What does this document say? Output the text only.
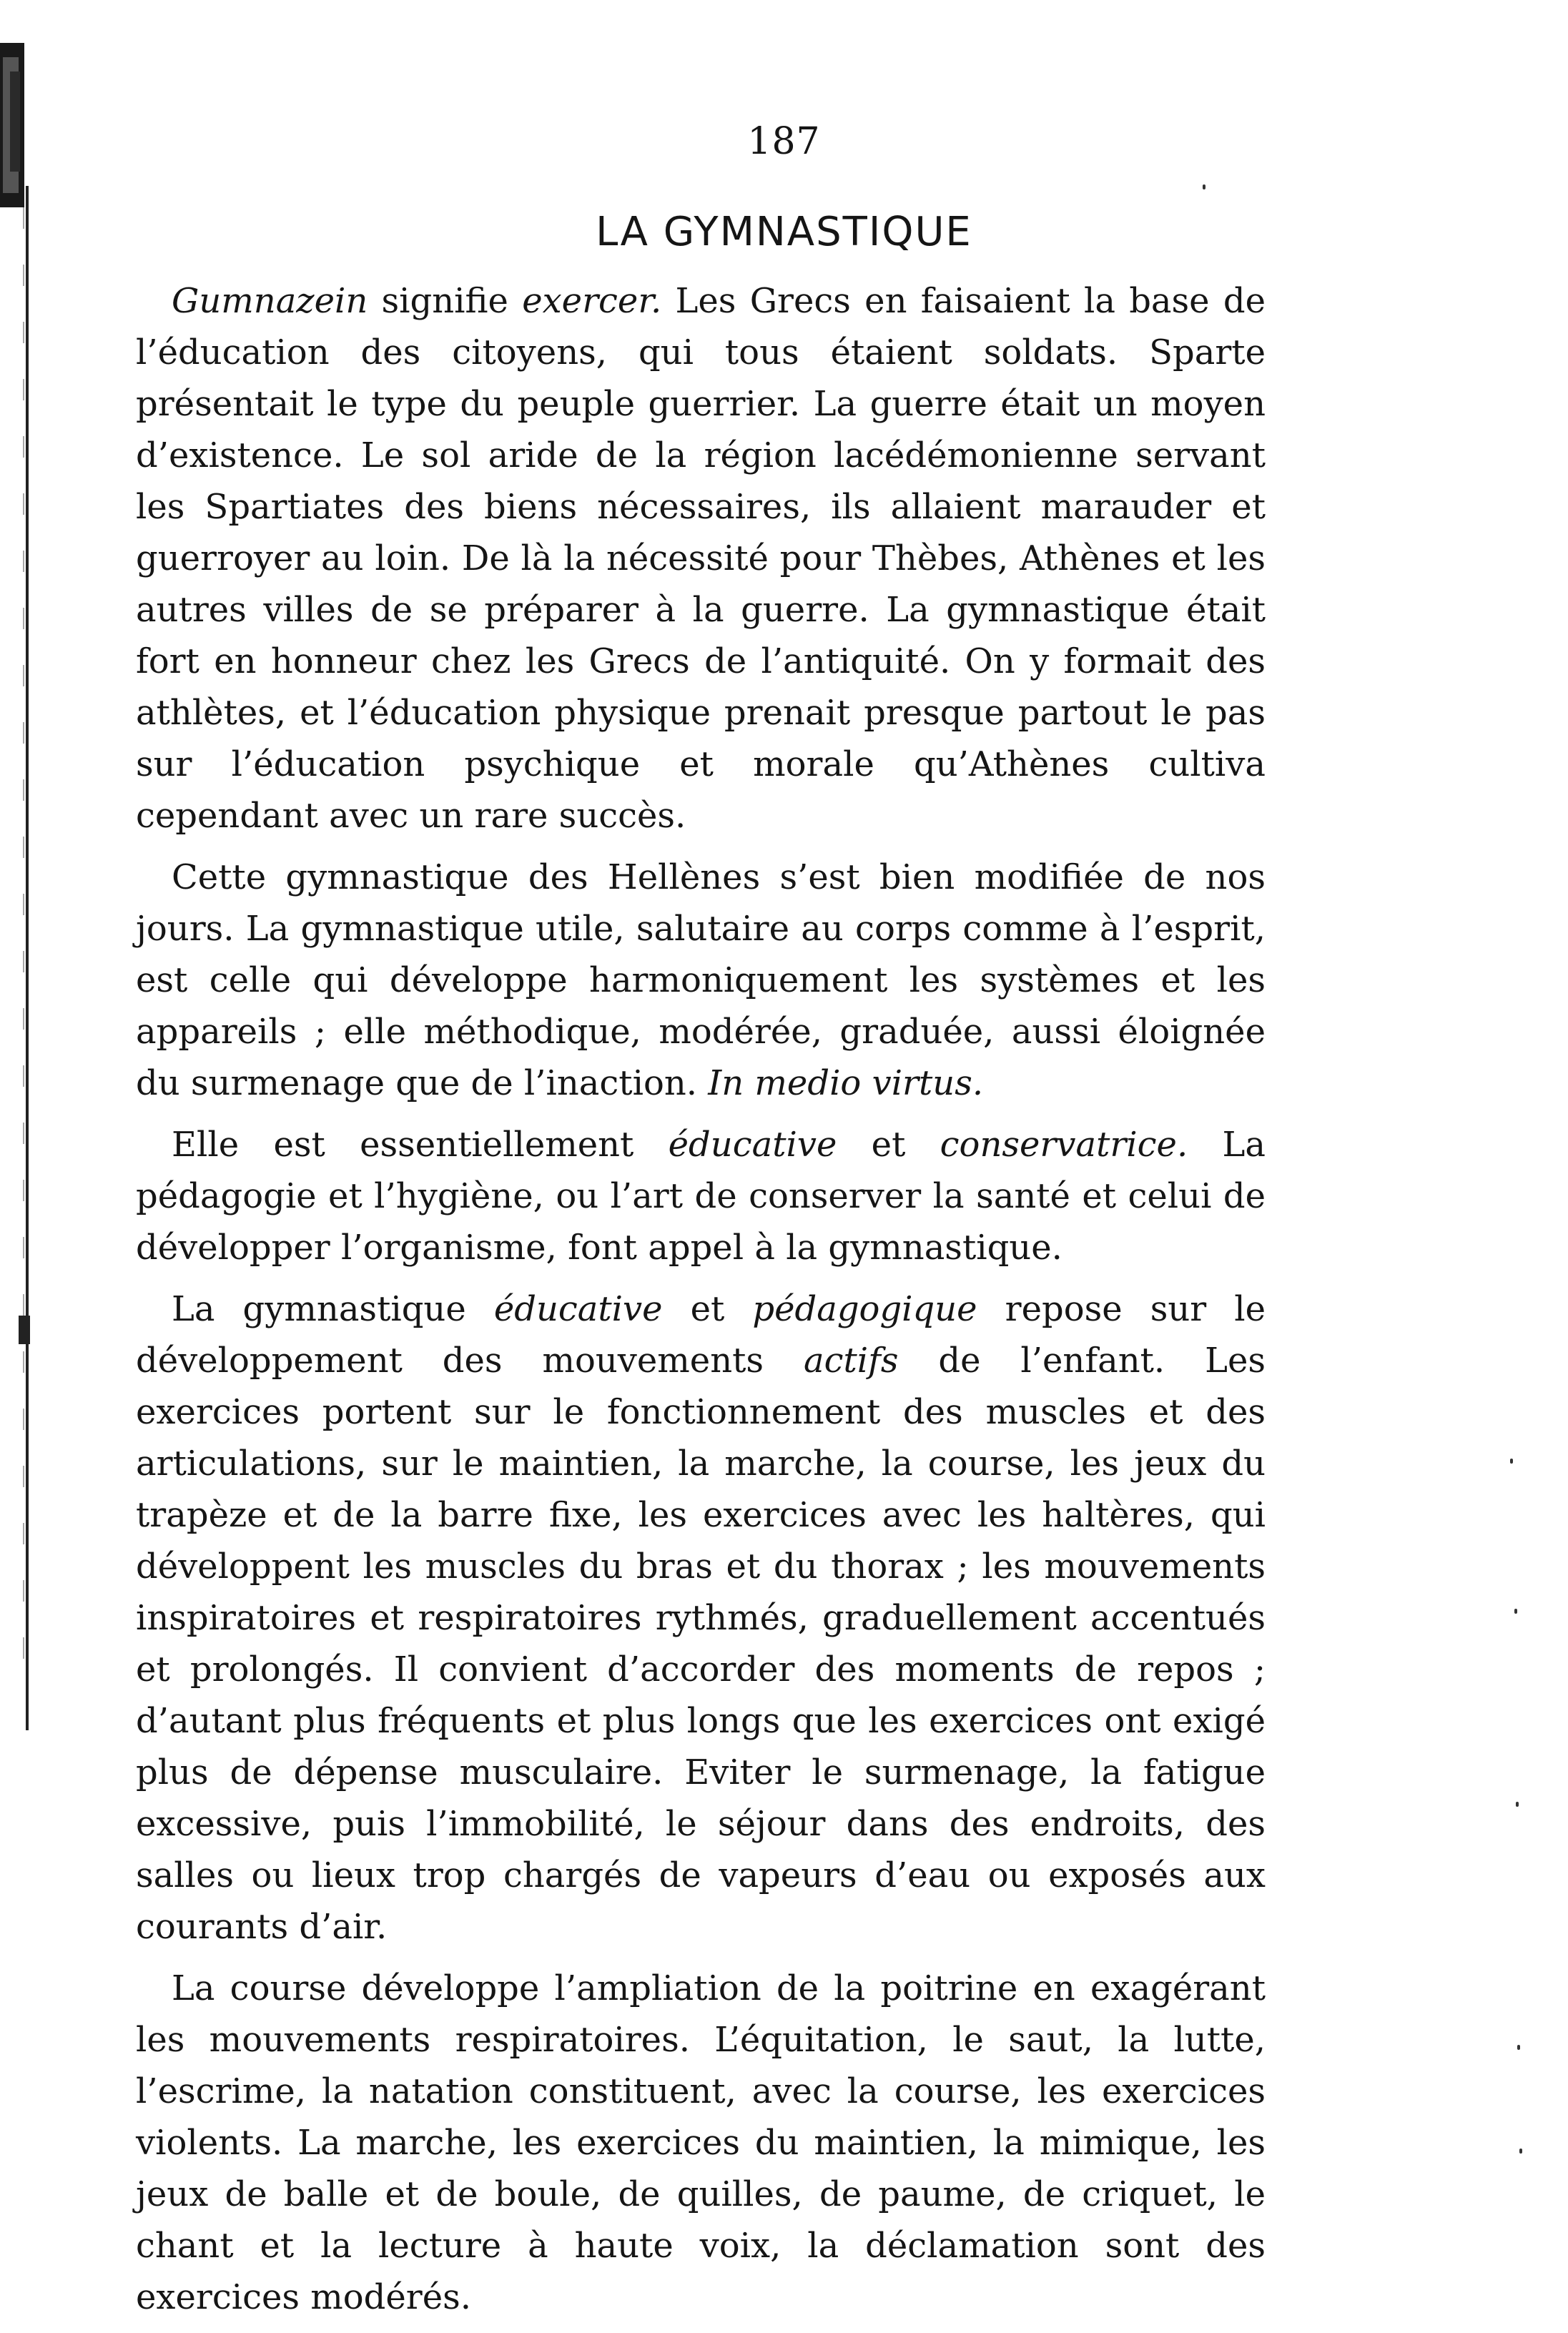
187
LA GYMNASTIQUE

Gumnazein signifie exercer. Les Grecs en faisaient la base de l’éducation des citoyens, qui tous étaient soldats. Sparte présentait le type du peuple guerrier. La guerre était un moyen d’existence. Le sol aride de la région lacédémonienne servant les Spartiates des biens nécessaires, ils allaient marauder et guerroyer au loin. De là la nécessité pour Thèbes, Athènes et les autres villes de se préparer à la guerre. La gymnastique était fort en honneur chez les Grecs de l’antiquité. On y formait des athlètes, et l’éducation physique prenait presque partout le pas sur l’éducation psychique et morale qu’Athènes cultiva cependant avec un rare succès.

Cette gymnastique des Hellènes s’est bien modifiée de nos jours. La gymnastique utile, salutaire au corps comme à l’esprit, est celle qui développe harmoniquement les systèmes et les appareils ; elle méthodique, modérée, graduée, aussi éloignée du surmenage que de l’inaction. In medio virtus.

Elle est essentiellement éducative et conservatrice. La pédagogie et l’hygiène, ou l’art de conserver la santé et celui de développer l’organisme, font appel à la gymnastique.

La gymnastique éducative et pédagogique repose sur le développement des mouvements actifs de l’enfant. Les exercices portent sur le fonctionnement des muscles et des articulations, sur le maintien, la marche, la course, les jeux du trapèze et de la barre fixe, les exercices avec les haltères, qui développent les muscles du bras et du thorax ; les mouvements inspiratoires et respiratoires rythmés, graduellement accentués et prolongés. Il convient d’accorder des moments de repos ; d’autant plus fréquents et plus longs que les exercices ont exigé plus de dépense musculaire. Eviter le surmenage, la fatigue excessive, puis l’immobilité, le séjour dans des endroits, des salles ou lieux trop chargés de vapeurs d’eau ou exposés aux courants d’air.

La course développe l’ampliation de la poitrine en exagérant les mouvements respiratoires. L’équitation, le saut, la lutte, l’escrime, la natation constituent, avec la course, les exercices violents. La marche, les exercices du maintien, la mimique, les jeux de balle et de boule, de quilles, de paume, de criquet, le chant et la lecture à haute voix, la déclamation sont des exercices modérés.
